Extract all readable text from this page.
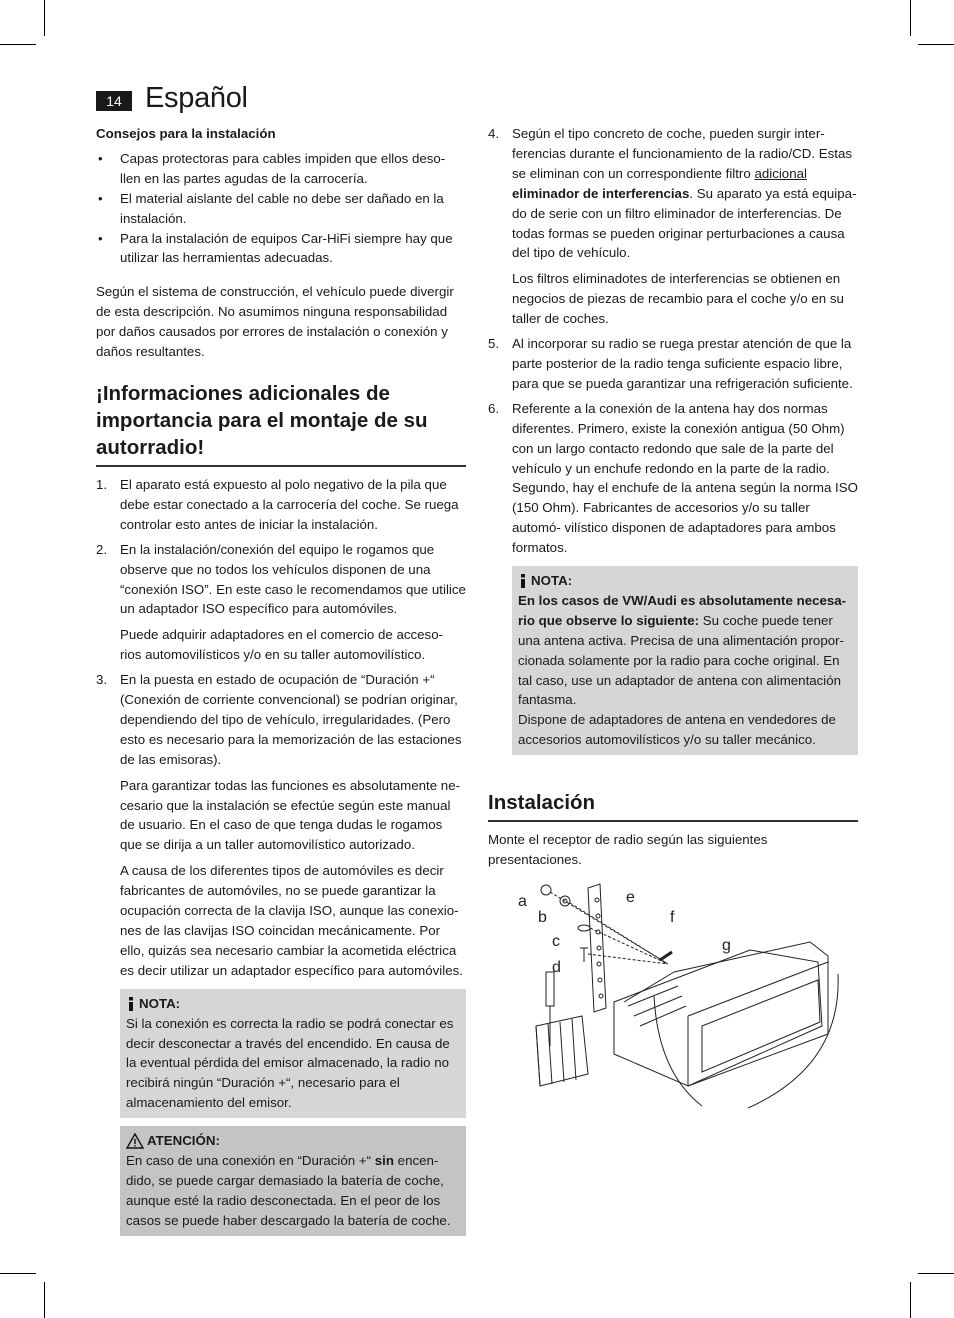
14 Español
Consejos para la instalación
• Capas protectoras para cables impiden que ellos deso- llen en las partes agudas de la carrocería.
• El material aislante del cable no debe ser dañado en la instalación.
• Para la instalación de equipos Car-HiFi siempre hay que utilizar las herramientas adecuadas.

Según el sistema de construcción, el vehículo puede divergir de esta descripción. No asumimos ninguna responsabilidad por daños causados por errores de instalación o conexión y daños resultantes.

¡Informaciones adicionales de importancia para el montaje de su autorradio!
1. El aparato está expuesto al polo negativo de la pila que debe estar conectado a la carrocería del coche. Se ruega controlar esto antes de iniciar la instalación.
2. En la instalación/conexión del equipo le rogamos que observe que no todos los vehículos disponen de una “conexión ISO”. En este caso le recomendamos que utilice un adaptador ISO específico para automóviles.
Puede adquirir adaptadores en el comercio de acceso- rios automovilísticos y/o en su taller automovilístico.
3. En la puesta en estado de ocupación de “Duración +“ (Conexión de corriente convencional) se podrían originar, dependiendo del tipo de vehículo, irregularidades. (Pero esto es necesario para la memorización de las estaciones de las emisoras).
Para garantizar todas las funciones es absolutamente ne- cesario que la instalación se efectúe según este manual de usuario. En el caso de que tenga dudas le rogamos que se dirija a un taller automovilístico autorizado.
A causa de los diferentes tipos de automóviles es decir fabricantes de automóviles, no se puede garantizar la ocupación correcta de la clavija ISO, aunque las conexio- nes de las clavijas ISO coincidan mecánicamente. Por ello, quizás sea necesario cambiar la acometida eléctrica es decir utilizar un adaptador específico para automóviles.
NOTA:
Si la conexión es correcta la radio se podrá conectar es decir desconectar a través del encendido. En causa de la eventual pérdida del emisor almacenado, la radio no recibirá ningún “Duración +“, necesario para el almacenamiento del emisor.
ATENCIÓN:
En caso de una conexión en “Duración +“ sin encen- dido, se puede cargar demasiado la batería de coche, aunque esté la radio desconectada. En el peor de los casos se puede haber descargado la batería de coche.
4. Según el tipo concreto de coche, pueden surgir inter- ferencias durante el funcionamiento de la radio/CD. Estas se eliminan con un correspondiente filtro adicional eliminador de interferencias. Su aparato ya está equipa- do de serie con un filtro eliminador de interferencias. De todas formas se pueden originar perturbaciones a causa del tipo de vehículo.
Los filtros eliminadotes de interferencias se obtienen en negocios de piezas de recambio para el coche y/o en su taller de coches.
5. Al incorporar su radio se ruega prestar atención de que la parte posterior de la radio tenga suficiente espacio libre, para que se pueda garantizar una refrigeración suficiente.
6. Referente a la conexión de la antena hay dos normas diferentes. Primero, existe la conexión antigua (50 Ohm) con un largo contacto redondo que sale de la parte del vehículo y un enchufe redondo en la parte de la radio. Segundo, hay el enchufe de la antena según la norma ISO (150 Ohm). Fabricantes de accesorios y/o su taller automó- vilístico disponen de adaptadores para ambos formatos.
NOTA:
En los casos de VW/Audi es absolutamente necesa- rio que observe lo siguiente: Su coche puede tener una antena activa. Precisa de una alimentación propor- cionada solamente por la radio para coche original. En tal caso, use un adaptador de antena con alimentación fantasma.
Dispone de adaptadores de antena en vendedores de accesorios automovilísticos y/o su taller mecánico.
Instalación

Monte el receptor de radio según las siguientes presentaciones.

a
b
c
d
e
f
g
